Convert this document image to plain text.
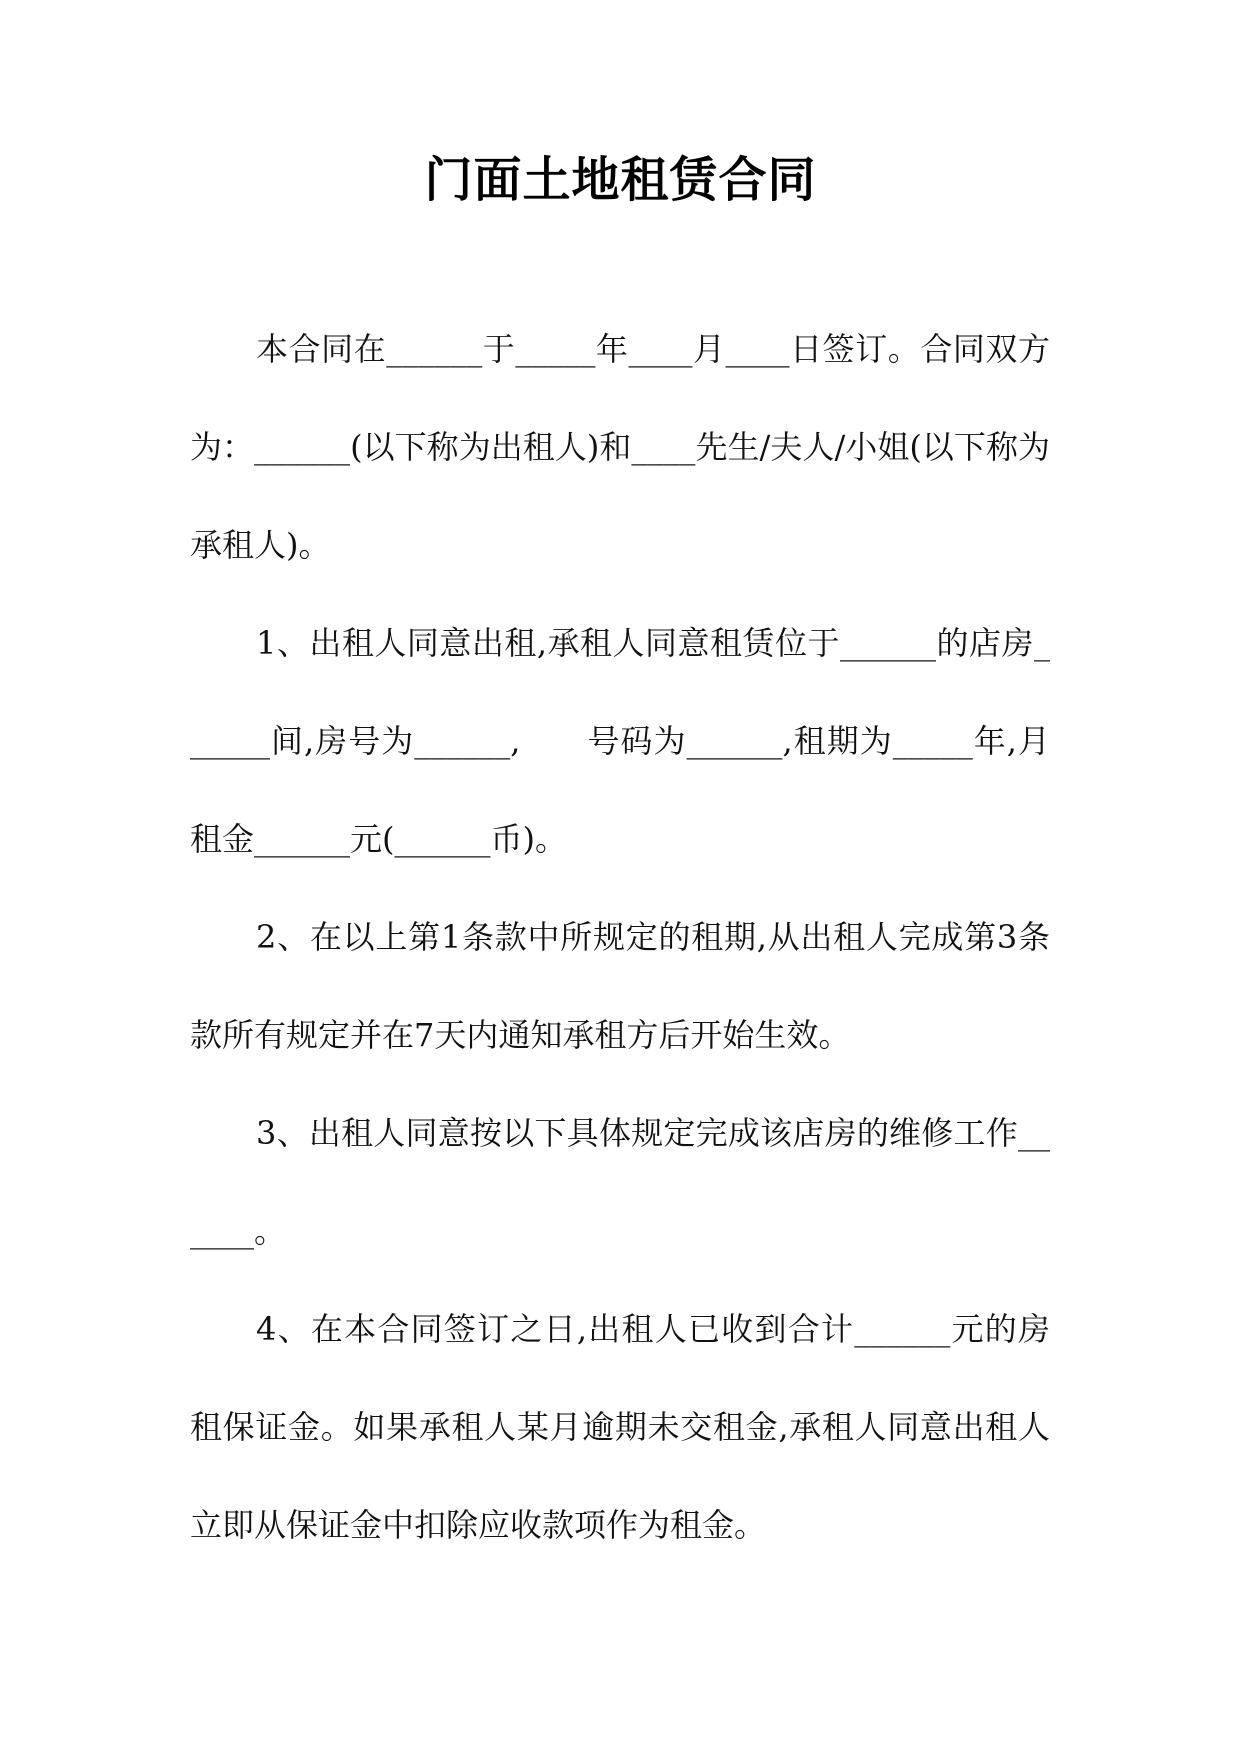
门面土地租赁合同

本合同在______于_____年____月____日签订。合同双方为：______(以下称为出租人)和____先生/夫人/小姐(以下称为承租人)。

1、出租人同意出租,承租人同意租赁位于______的店房______间,房号为______,　　号码为______,租期为_____年,月租金______元(______币)。

2、在以上第1条款中所规定的租期,从出租人完成第3条款所有规定并在7天内通知承租方后开始生效。

3、出租人同意按以下具体规定完成该店房的维修工作______。

4、在本合同签订之日,出租人已收到合计______元的房租保证金。如果承租人某月逾期未交租金,承租人同意出租人立即从保证金中扣除应收款项作为租金。
